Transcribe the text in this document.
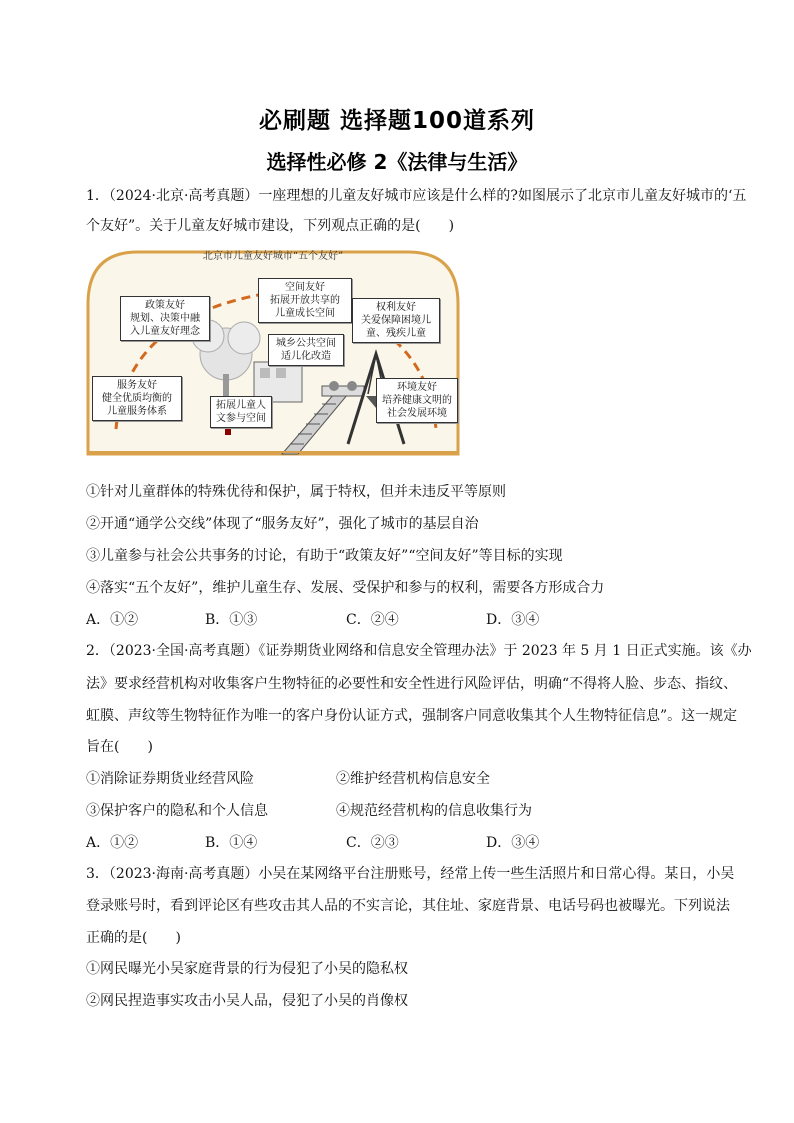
必刷题 选择题100道系列
选择性必修 2《法律与生活》
1．（2024·北京·高考真题）一座理想的儿童友好城市应该是什么样的?如图展示了北京市儿童友好城市的‘五
个友好”。关于儿童友好城市建设，下列观点正确的是(　　)
北京市儿童友好城市“五个友好”
空间友好
拓展开放共享的
儿童成长空间
政策友好
规划、决策中融
入儿童友好理念
权利友好
关爱保障困境儿
童、残疾儿童
城乡公共空间
适儿化改造
服务友好
健全优质均衡的
儿童服务体系
拓展儿童人
文参与空间
环境友好
培养健康文明的
社会发展环境
①针对儿童群体的特殊优待和保护，属于特权，但并未违反平等原则
②开通“通学公交线”体现了“服务友好”，强化了城市的基层自治
③儿童参与社会公共事务的讨论，有助于“政策友好”“空间友好”等目标的实现
④落实“五个友好”，维护儿童生存、发展、受保护和参与的权利，需要各方形成合力
A．①②	B．①③	C．②④	D．③④
2．（2023·全国·高考真题）《证券期货业网络和信息安全管理办法》于 2023 年 5 月 1 日正式实施。该《办
法》要求经营机构对收集客户生物特征的必要性和安全性进行风险评估，明确“不得将人脸、步态、指纹、
虹膜、声纹等生物特征作为唯一的客户身份认证方式，强制客户同意收集其个人生物特征信息”。这一规定
旨在(　　)
①消除证券期货业经营风险	②维护经营机构信息安全
③保护客户的隐私和个人信息	④规范经营机构的信息收集行为
A．①②	B．①④	C．②③	D．③④
3．（2023·海南·高考真题）小吴在某网络平台注册账号，经常上传一些生活照片和日常心得。某日，小吴
登录账号时，看到评论区有些攻击其人品的不实言论，其住址、家庭背景、电话号码也被曝光。下列说法
正确的是(　　)
①网民曝光小吴家庭背景的行为侵犯了小吴的隐私权
②网民捏造事实攻击小吴人品，侵犯了小吴的肖像权
